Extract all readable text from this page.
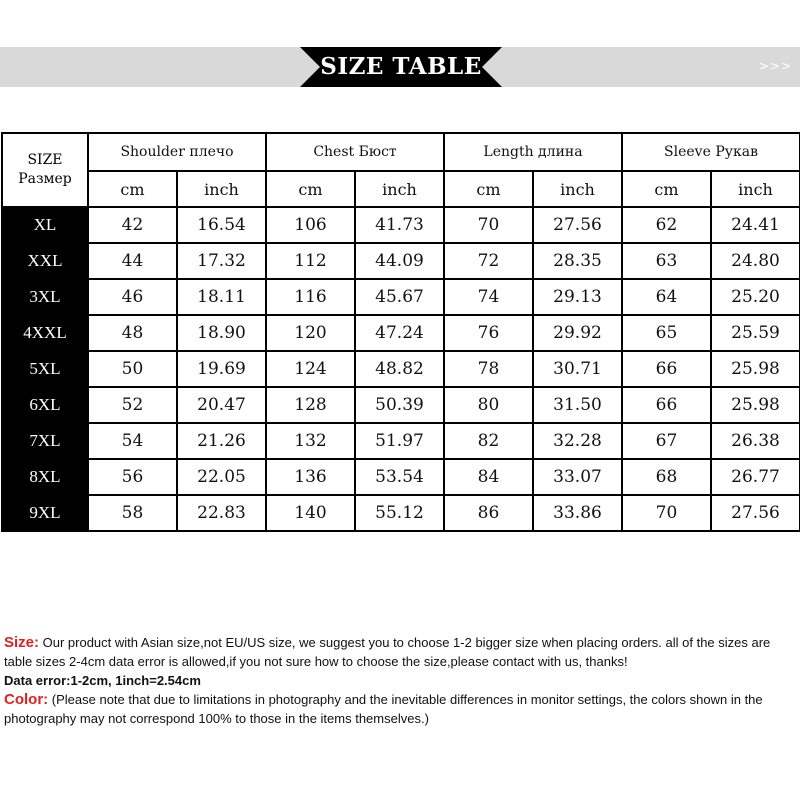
>>>
SIZE TABLE
SIZE
Размер	Shoulder плечо		Chest Бюст		Length длина		Sleeve Рукав	
	cm	inch	cm	inch	cm	inch	cm	inch
XL	42	16.54	106	41.73	70	27.56	62	24.41
XXL	44	17.32	112	44.09	72	28.35	63	24.80
3XL	46	18.11	116	45.67	74	29.13	64	25.20
4XXL	48	18.90	120	47.24	76	29.92	65	25.59
5XL	50	19.69	124	48.82	78	30.71	66	25.98
6XL	52	20.47	128	50.39	80	31.50	66	25.98
7XL	54	21.26	132	51.97	82	32.28	67	26.38
8XL	56	22.05	136	53.54	84	33.07	68	26.77
9XL	58	22.83	140	55.12	86	33.86	70	27.56
Size: Our product with Asian size,not EU/US size, we suggest you to choose 1-2 bigger size when placing orders. all of the sizes are table sizes 2-4cm data error is allowed,if you not sure how to choose the size,please contact with us, thanks!
Data error:1-2cm, 1inch=2.54cm
Color: (Please note that due to limitations in photography and the inevitable differences in monitor settings, the colors shown in the photography may not correspond 100% to those in the items themselves.)
